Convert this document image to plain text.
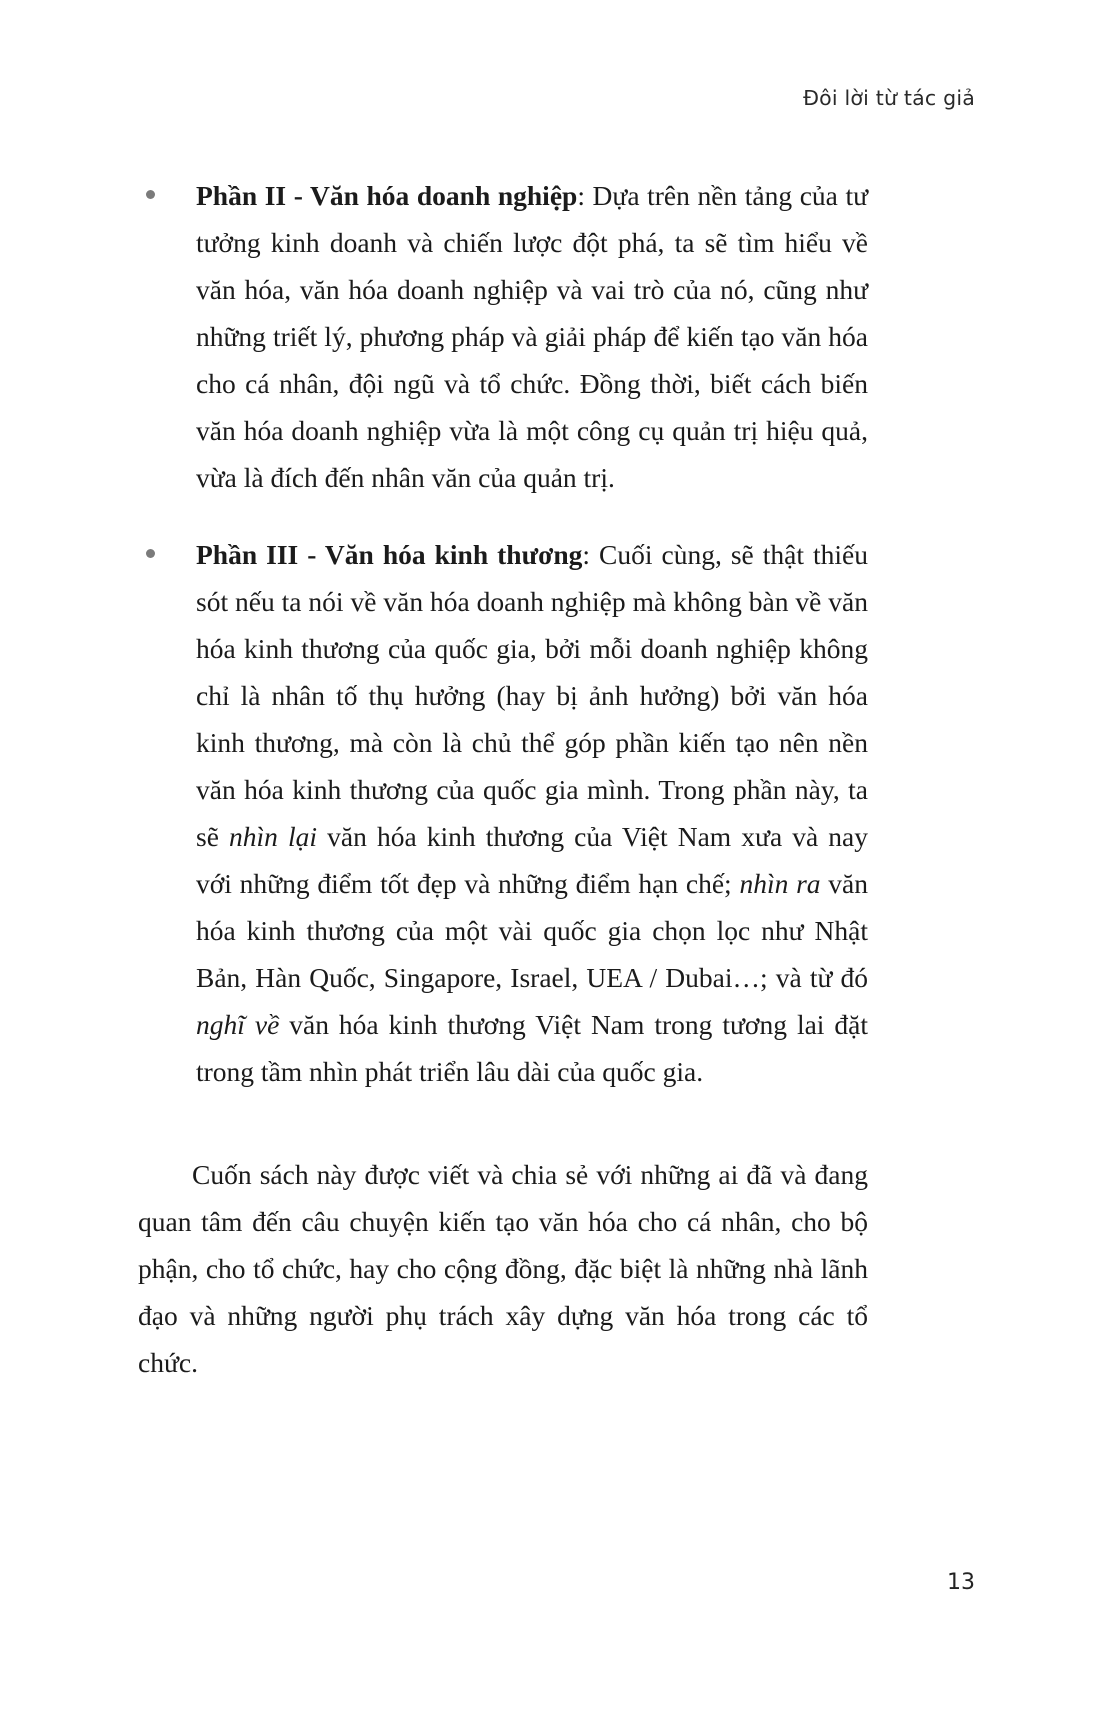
Đôi lời từ tác giả

Phần II - Văn hóa doanh nghiệp: Dựa trên nền tảng của tư tưởng kinh doanh và chiến lược đột phá, ta sẽ tìm hiểu về văn hóa, văn hóa doanh nghiệp và vai trò của nó, cũng như những triết lý, phương pháp và giải pháp để kiến tạo văn hóa cho cá nhân, đội ngũ và tổ chức. Đồng thời, biết cách biến văn hóa doanh nghiệp vừa là một công cụ quản trị hiệu quả, vừa là đích đến nhân văn của quản trị.

Phần III - Văn hóa kinh thương: Cuối cùng, sẽ thật thiếu sót nếu ta nói về văn hóa doanh nghiệp mà không bàn về văn hóa kinh thương của quốc gia, bởi mỗi doanh nghiệp không chỉ là nhân tố thụ hưởng (hay bị ảnh hưởng) bởi văn hóa kinh thương, mà còn là chủ thể góp phần kiến tạo nên nền văn hóa kinh thương của quốc gia mình. Trong phần này, ta sẽ nhìn lại văn hóa kinh thương của Việt Nam xưa và nay với những điểm tốt đẹp và những điểm hạn chế; nhìn ra văn hóa kinh thương của một vài quốc gia chọn lọc như Nhật Bản, Hàn Quốc, Singapore, Israel, UEA / Dubai…; và từ đó nghĩ về văn hóa kinh thương Việt Nam trong tương lai đặt trong tầm nhìn phát triển lâu dài của quốc gia.

Cuốn sách này được viết và chia sẻ với những ai đã và đang quan tâm đến câu chuyện kiến tạo văn hóa cho cá nhân, cho bộ phận, cho tổ chức, hay cho cộng đồng, đặc biệt là những nhà lãnh đạo và những người phụ trách xây dựng văn hóa trong các tổ chức.

13
